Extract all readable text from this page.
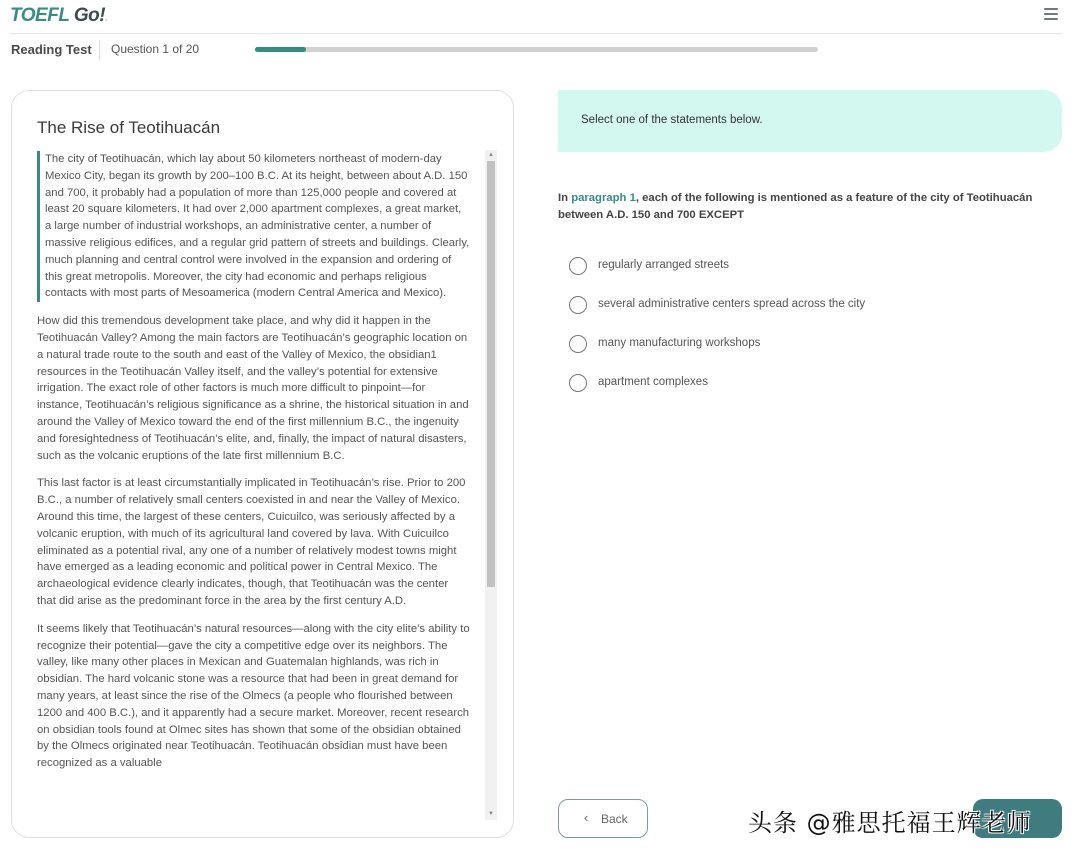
TOEFL Go!.
Reading Test Question 1 of 20
The Rise of Teotihuacán

The city of Teotihuacán, which lay about 50 kilometers northeast of modern-day Mexico City, began its growth by 200–100 B.C. At its height, between about A.D. 150 and 700, it probably had a population of more than 125,000 people and covered at least 20 square kilometers. It had over 2,000 apartment complexes, a great market, a large number of industrial workshops, an administrative center, a number of massive religious edifices, and a regular grid pattern of streets and buildings. Clearly, much planning and central control were involved in the expansion and ordering of this great metropolis. Moreover, the city had economic and perhaps religious contacts with most parts of Mesoamerica (modern Central America and Mexico).

How did this tremendous development take place, and why did it happen in the Teotihuacán Valley? Among the main factors are Teotihuacán’s geographic location on a natural trade route to the south and east of the Valley of Mexico, the obsidian1 resources in the Teotihuacán Valley itself, and the valley’s potential for extensive irrigation. The exact role of other factors is much more difficult to pinpoint—for instance, Teotihuacán’s religious significance as a shrine, the historical situation in and around the Valley of Mexico toward the end of the first millennium B.C., the ingenuity and foresightedness of Teotihuacán’s elite, and, finally, the impact of natural disasters, such as the volcanic eruptions of the late first millennium B.C.

This last factor is at least circumstantially implicated in Teotihuacán’s rise. Prior to 200 B.C., a number of relatively small centers coexisted in and near the Valley of Mexico. Around this time, the largest of these centers, Cuicuilco, was seriously affected by a volcanic eruption, with much of its agricultural land covered by lava. With Cuicuilco eliminated as a potential rival, any one of a number of relatively modest towns might have emerged as a leading economic and political power in Central Mexico. The archaeological evidence clearly indicates, though, that Teotihuacán was the center that did arise as the predominant force in the area by the first century A.D.

It seems likely that Teotihuacán’s natural resources—along with the city elite’s ability to recognize their potential—gave the city a competitive edge over its neighbors. The valley, like many other places in Mexican and Guatemalan highlands, was rich in obsidian. The hard volcanic stone was a resource that had been in great demand for many years, at least since the rise of the Olmecs (a people who flourished between 1200 and 400 B.C.), and it apparently had a secure market. Moreover, recent research on obsidian tools found at Olmec sites has shown that some of the obsidian obtained by the Olmecs originated near Teotihuacán. Teotihuacán obsidian must have been recognized as a valuable

▲
▼
Select one of the statements below.
In paragraph 1, each of the following is mentioned as a feature of the city of Teotihuacán between A.D. 150 and 700 EXCEPT
regularly arranged streets
several administrative centers spread across the city
many manufacturing workshops
apartment complexes
‹ Back	头条 @雅思托福王辉老师
